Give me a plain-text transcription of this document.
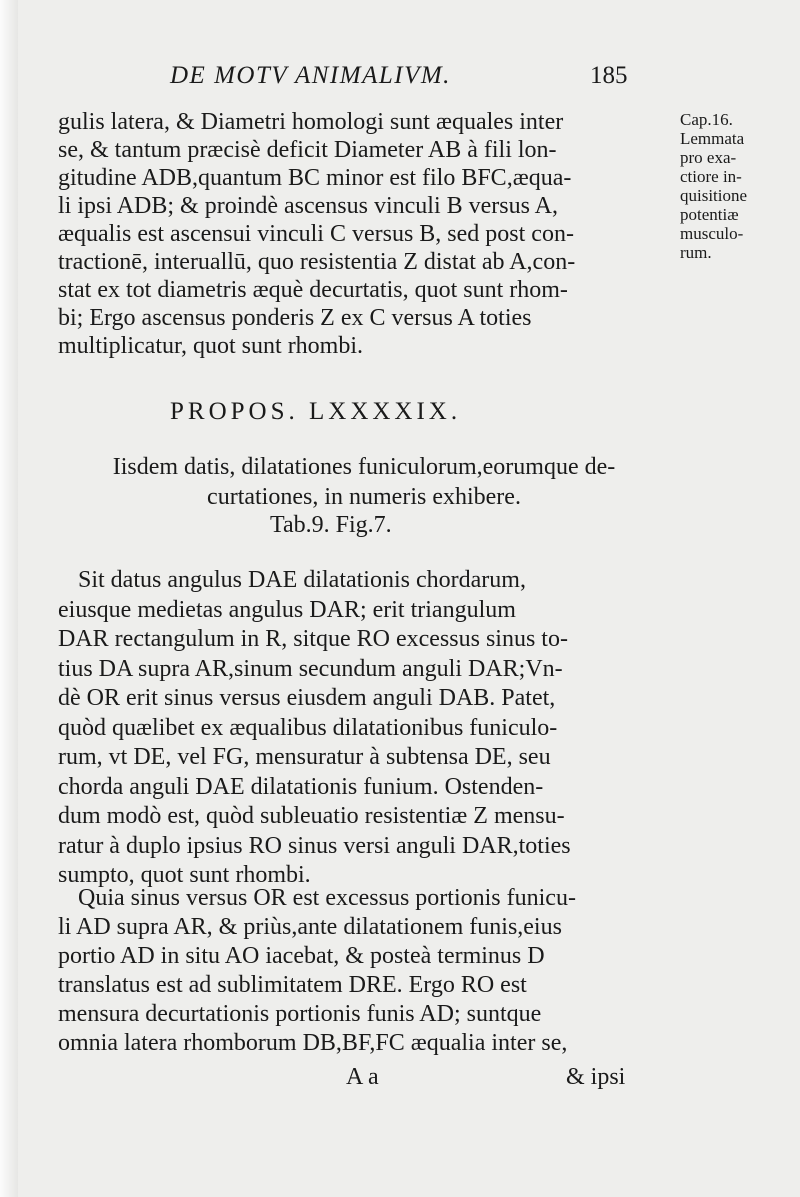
DE MOTV ANIMALIVM.	185
Cap.16.
Lemmata
pro exa-
ctiore in-
quisitione
potentiæ
musculo-
rum.
gulis latera, & Diametri homologi sunt æquales inter
se, & tantum præcisè deficit Diameter AB à fili lon-
gitudine ADB,quantum BC minor est filo BFC,æqua-
li ipsi ADB; & proindè ascensus vinculi B versus A,
æqualis est ascensui vinculi C versus B, sed post con-
tractionē, interuallū, quo resistentia Z distat ab A,con-
stat ex tot diametris æquè decurtatis, quot sunt rhom-
bi; Ergo ascensus ponderis Z ex C versus A toties
multiplicatur, quot sunt rhombi.
PROPOS. LXXXXIX.
Iisdem datis, dilatationes funiculorum,eorumque de-
curtationes, in numeris exhibere.
Tab.9. Fig.7.
Sit datus angulus DAE dilatationis chordarum,
eiusque medietas angulus DAR; erit triangulum
DAR rectangulum in R, sitque RO excessus sinus to-
tius DA supra AR,sinum secundum anguli DAR;Vn-
dè OR erit sinus versus eiusdem anguli DAB. Patet,
quòd quælibet ex æqualibus dilatationibus funiculo-
rum, vt DE, vel FG, mensuratur à subtensa DE, seu
chorda anguli DAE dilatationis funium. Ostenden-
dum modò est, quòd subleuatio resistentiæ Z mensu-
ratur à duplo ipsius RO sinus versi anguli DAR,toties
sumpto, quot sunt rhombi.
Quia sinus versus OR est excessus portionis funicu-
li AD supra AR, & priùs,ante dilatationem funis,eius
portio AD in situ AO iacebat, & posteà terminus D
translatus est ad sublimitatem DRE. Ergo RO est
mensura decurtationis portionis funis AD; suntque
omnia latera rhomborum DB,BF,FC æqualia inter se,
A a	& ipsi
